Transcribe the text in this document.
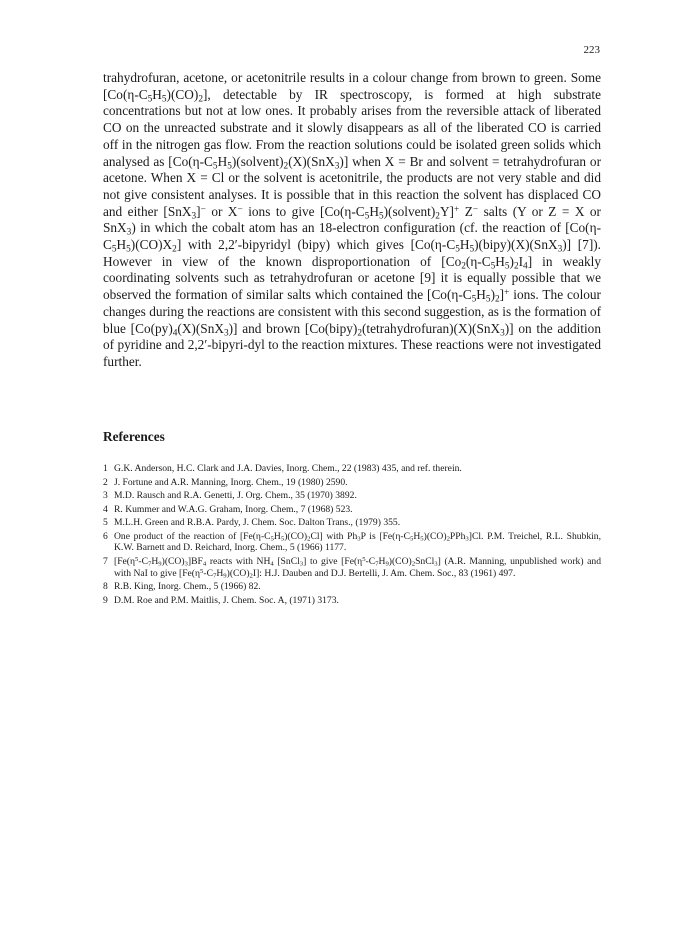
223

trahydrofuran, acetone, or acetonitrile results in a colour change from brown to green. Some $[Co(\eta-C_5H_5)(CO)_2]$, detectable by IR spectroscopy, is formed at high substrate concentrations but not at low ones. It probably arises from the reversible attack of liberated CO on the unreacted substrate and it slowly disappears as all of the liberated CO is carried off in the nitrogen gas flow. From the reaction solutions could be isolated green solids which analysed as $[Co(\eta-C_5H_5)(solvent)_2(X)(SnX_3)]$ when X = Br and solvent = tetrahydrofuran or acetone. When X = Cl or the solvent is acetonitrile, the products are not very stable and did not give consistent analyses. It is possible that in this reaction the solvent has displaced CO and either [SnX$_3$]− or X− ions to give $[Co(\eta-C_5H_5)(solvent)_2Y]^+$ Z− salts (Y or Z = X or SnX$_3$) in which the cobalt atom has an 18-electron configuration (cf. the reaction of $[Co(\eta-C_5H_5)(CO)X_2]$ with 2,2′-bipyridyl (bipy) which gives $[Co(\eta-C_5H_5)(bipy)(X)(SnX_3)]$ [7]). However in view of the known disproportionation of $[Co_2(\eta-C_5H_5)_2I_4]$ in weakly coordinating solvents such as tetrahydrofuran or acetone [9] it is equally possible that we observed the formation of similar salts which contained the $[Co(\eta-C_5H_5)_2]^+$ ions. The colour changes during the reactions are consistent with this second suggestion, as is the formation of blue $[Co(py)_4(X)(SnX_3)]$ and brown $[Co(bipy)_2(tetrahydrofuran)(X)(SnX_3)]$ on the addition of pyridine and 2,2′-bipyri-dyl to the reaction mixtures. These reactions were not investigated further.

References
1 G.K. Anderson, H.C. Clark and J.A. Davies, Inorg. Chem., 22 (1983) 435, and ref. therein.
2 J. Fortune and A.R. Manning, Inorg. Chem., 19 (1980) 2590.
3 M.D. Rausch and R.A. Genetti, J. Org. Chem., 35 (1970) 3892.
4 R. Kummer and W.A.G. Graham, Inorg. Chem., 7 (1968) 523.
5 M.L.H. Green and R.B.A. Pardy, J. Chem. Soc. Dalton Trans., (1979) 355.
6 One product of the reaction of $[Fe(\eta-C_5H_5)(CO)_2Cl]$ with $Ph_3P$ is $[Fe(\eta-C_5H_5)(CO)_2PPh_3]Cl$. P.M. Treichel, R.L. Shubkin, K.W. Barnett and D. Reichard, Inorg. Chem., 5 (1966) 1177.
7 $[Fe(\eta^5-C_7H_9)(CO)_3]BF_4$ reacts with $NH_4$ [SnCl$_3$] to give $[Fe(\eta^5-C_7H_9)(CO)_2SnCl_3]$ (A.R. Manning, unpublished work) and with NaI to give $[Fe(\eta^5-C_7H_9)(CO)_2I]$: H.J. Dauben and D.J. Bertelli, J. Am. Chem. Soc., 83 (1961) 497.
8 R.B. King, Inorg. Chem., 5 (1966) 82.
9 D.M. Roe and P.M. Maitlis, J. Chem. Soc. A, (1971) 3173.
